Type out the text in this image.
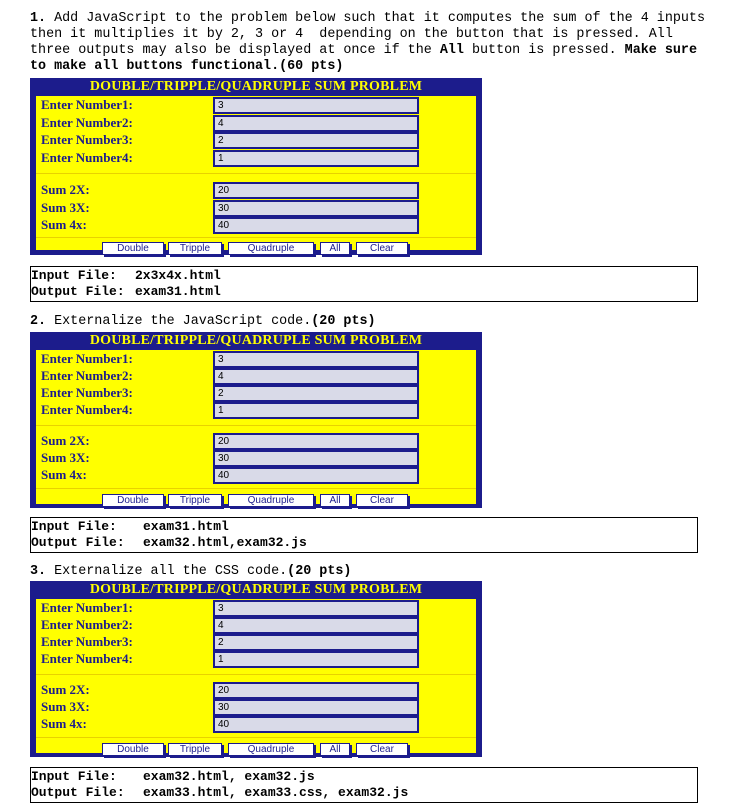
1. Add JavaScript to the problem below such that it computes the sum of the 4 inputs then it multiplies it by 2, 3 or 4  depending on the button that is pressed. All three outputs may also be displayed at once if the All button is pressed. Make sure to make all buttons functional.(60 pts)
DOUBLE/TRIPPLE/QUADRUPLE SUM PROBLEM
Enter Number1:	3
Enter Number2:	4
Enter Number3:	2
Enter Number4:	1
Sum 2X:	20
Sum 3X:	30
Sum 4x:	40
Double	Tripple	Quadruple	All	Clear
Input File: 2x3x4x.html
Output File: exam31.html
2. Externalize the JavaScript code.(20 pts)
DOUBLE/TRIPPLE/QUADRUPLE SUM PROBLEM
Enter Number1:	3
Enter Number2:	4
Enter Number3:	2
Enter Number4:	1
Sum 2X:	20
Sum 3X:	30
Sum 4x:	40
Double	Tripple	Quadruple	All	Clear
Input File: exam31.html
Output File: exam32.html,exam32.js
3. Externalize all the CSS code.(20 pts)
DOUBLE/TRIPPLE/QUADRUPLE SUM PROBLEM
Enter Number1:	3
Enter Number2:	4
Enter Number3:	2
Enter Number4:	1
Sum 2X:	20
Sum 3X:	30
Sum 4x:	40
Double	Tripple	Quadruple	All	Clear
Input File: exam32.html, exam32.js
Output File: exam33.html, exam33.css, exam32.js
